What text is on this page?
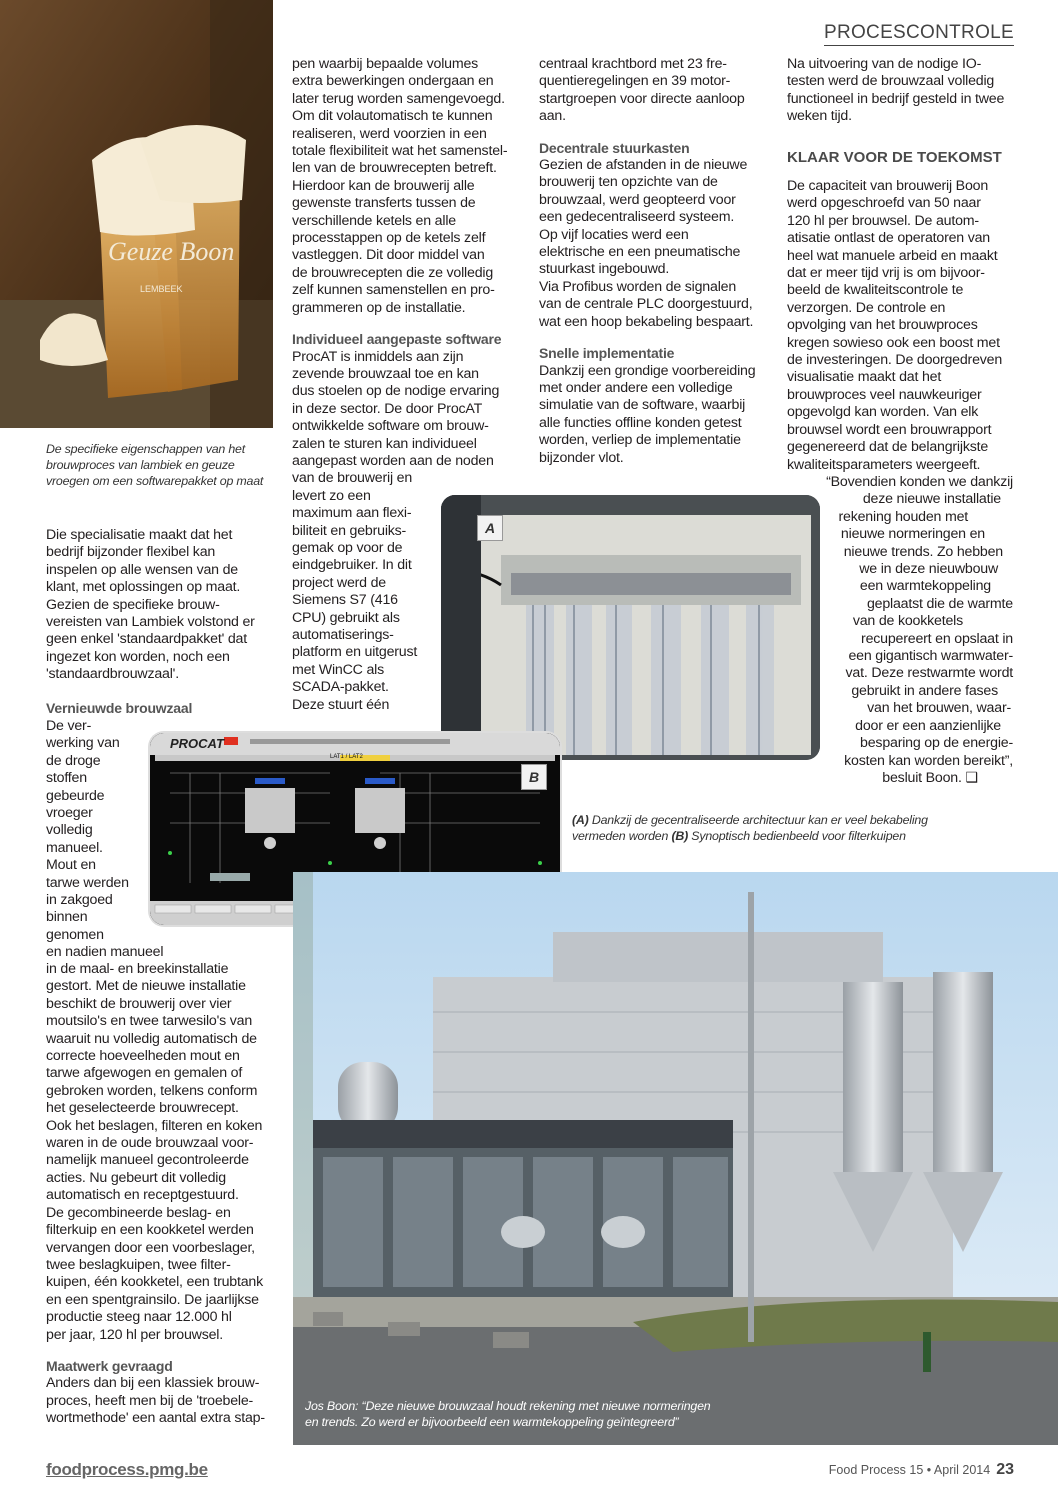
PROCESCONTROLE
Geuze Boon
LEMBEEK
De specifieke eigenschappen van het
brouwproces van lambiek en geuze
vroegen om een softwarepakket op maat
Die specialisatie maakt dat het
bedrijf bijzonder flexibel kan
inspelen op alle wensen van de
klant, met oplossingen op maat.
Gezien de specifieke brouw-
vereisten van Lambiek volstond er
geen enkel 'standaardpakket' dat
ingezet kon worden, noch een
'standaardbrouwzaal'.
Vernieuwde brouwzaal
De ver-
werking van
de droge
stoffen
gebeurde
vroeger
volledig
manueel.
Mout en
tarwe werden
in zakgoed
binnen
genomen
en nadien manueel
in de maal- en breekinstallatie
gestort. Met de nieuwe installatie
beschikt de brouwerij over vier
moutsilo's en twee tarwesilo's van
waaruit nu volledig automatisch de
correcte hoeveelheden mout en
tarwe afgewogen en gemalen of
gebroken worden, telkens conform
het geselecteerde brouwrecept.
Ook het beslagen, filteren en koken
waren in de oude brouwzaal voor-
namelijk manueel gecontroleerde
acties. Nu gebeurt dit volledig
automatisch en receptgestuurd.
De gecombineerde beslag- en
filterkuip en een kookketel werden
vervangen door een voorbeslager,
twee beslagkuipen, twee filter-
kuipen, één kookketel, een trubtank
en een spentgrainsilo. De jaarlijkse
productie steeg naar 12.000 hl
per jaar, 120 hl per brouwsel.
Maatwerk gevraagd
Anders dan bij een klassiek brouw-
proces, heeft men bij de 'troebele-
wortmethode' een aantal extra stap-
pen waarbij bepaalde volumes
extra bewerkingen ondergaan en
later terug worden samengevoegd.
Om dit volautomatisch te kunnen
realiseren, werd voorzien in een
totale flexibiliteit wat het samenstel-
len van de brouwrecepten betreft.
Hierdoor kan de brouwerij alle
gewenste transferts tussen de
verschillende ketels en alle
processtappen op de ketels zelf
vastleggen. Dit door middel van
de brouwrecepten die ze volledig
zelf kunnen samenstellen en pro-
grammeren op de installatie.
Individueel aangepaste software
ProcAT is inmiddels aan zijn
zevende brouwzaal toe en kan
dus stoelen op de nodige ervaring
in deze sector. De door ProcAT
ontwikkelde software om brouw-
zalen te sturen kan individueel
aangepast worden aan de noden
van de brouwerij en
levert zo een
maximum aan flexi-
biliteit en gebruiks-
gemak op voor de
eindgebruiker. In dit
project werd de
Siemens S7 (416
CPU) gebruikt als
automatiserings-
platform en uitgerust
met WinCC als
SCADA-pakket.
Deze stuurt één
centraal krachtbord met 23 fre-
quentieregelingen en 39 motor-
startgroepen voor directe aanloop
aan.
Decentrale stuurkasten
Gezien de afstanden in de nieuwe
brouwerij ten opzichte van de
brouwzaal, werd geopteerd voor
een gedecentraliseerd systeem.
Op vijf locaties werd een
elektrische en een pneumatische
stuurkast ingebouwd.
Via Profibus worden de signalen
van de centrale PLC doorgestuurd,
wat een hoop bekabeling bespaart.
Snelle implementatie
Dankzij een grondige voorbereiding
met onder andere een volledige
simulatie van de software, waarbij
alle functies offline konden getest
worden, verliep de implementatie
bijzonder vlot.
Na uitvoering van de nodige IO-
testen werd de brouwzaal volledig
functioneel in bedrijf gesteld in twee
weken tijd.
KLAAR VOOR DE TOEKOMST
De capaciteit van brouwerij Boon
werd opgeschroefd van 50 naar
120 hl per brouwsel. De autom-
atisatie ontlast de operatoren van
heel wat manuele arbeid en maakt
dat er meer tijd vrij is om bijvoor-
beeld de kwaliteitscontrole te
verzorgen. De controle en
opvolging van het brouwproces
kregen sowieso ook een boost met
de investeringen. De doorgedreven
visualisatie maakt dat het
brouwproces veel nauwkeuriger
opgevolgd kan worden. Van elk
brouwsel wordt een brouwrapport
gegenereerd dat de belangrijkste
kwaliteitsparameters weergeeft.
“Bovendien konden we dankzij
deze nieuwe installatie
rekening houden met
nieuwe normeringen en
nieuwe trends. Zo hebben
we in deze nieuwbouw
een warmtekoppeling
geplaatst die de warmte
van de kookketels
recupereert en opslaat in
een gigantisch warmwater-
vat. Deze restwarmte wordt
gebruikt in andere fases
van het brouwen, waar-
door er een aanzienlijke
besparing op de energie-
kosten kan worden bereikt”,
besluit Boon. ❑
A
PROCAT
LAT1 / LAT2
B
(A) Dankzij de gecentraliseerde architectuur kan er veel bekabeling
vermeden worden (B) Synoptisch bedienbeeld voor filterkuipen
Jos Boon: “Deze nieuwe brouwzaal houdt rekening met nieuwe normeringen
en trends. Zo werd er bijvoorbeeld een warmtekoppeling geïntegreerd”
foodprocess.pmg.be	Food Process 15 • April 2014 23
